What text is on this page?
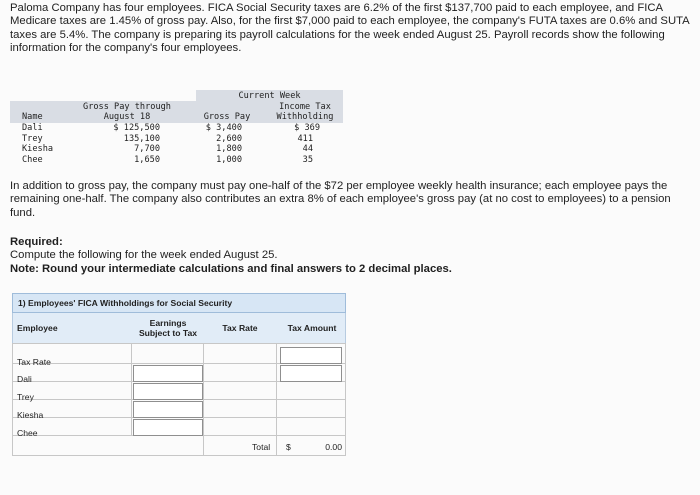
Paloma Company has four employees. FICA Social Security taxes are 6.2% of the first $137,700 paid to each employee, and FICA Medicare taxes are 1.45% of gross pay. Also, for the first $7,000 paid to each employee, the company's FUTA taxes are 0.6% and SUTA taxes are 5.4%. The company is preparing its payroll calculations for the week ended August 25. Payroll records show the following information for the company's four employees.
Current Week
Gross Pay through	Income Tax
Name	August 18	Gross Pay	Withholding
Dali	$ 125,500	$ 3,400	$ 369
Trey	135,100	2,600	411
Kiesha	7,700	1,800	44
Chee	1,650	1,000	35
In addition to gross pay, the company must pay one-half of the $72 per employee weekly health insurance; each employee pays the remaining one-half. The company also contributes an extra 8% of each employee's gross pay (at no cost to employees) to a pension fund.
Required:
Compute the following for the week ended August 25.
Note: Round your intermediate calculations and final answers to 2 decimal places.
1) Employees' FICA Withholdings for Social Security
Employee	Earnings Subject to Tax	Tax Rate	Tax Amount
Tax Rate
Dali
Trey
Kiesha
Chee
Total $	0.00
